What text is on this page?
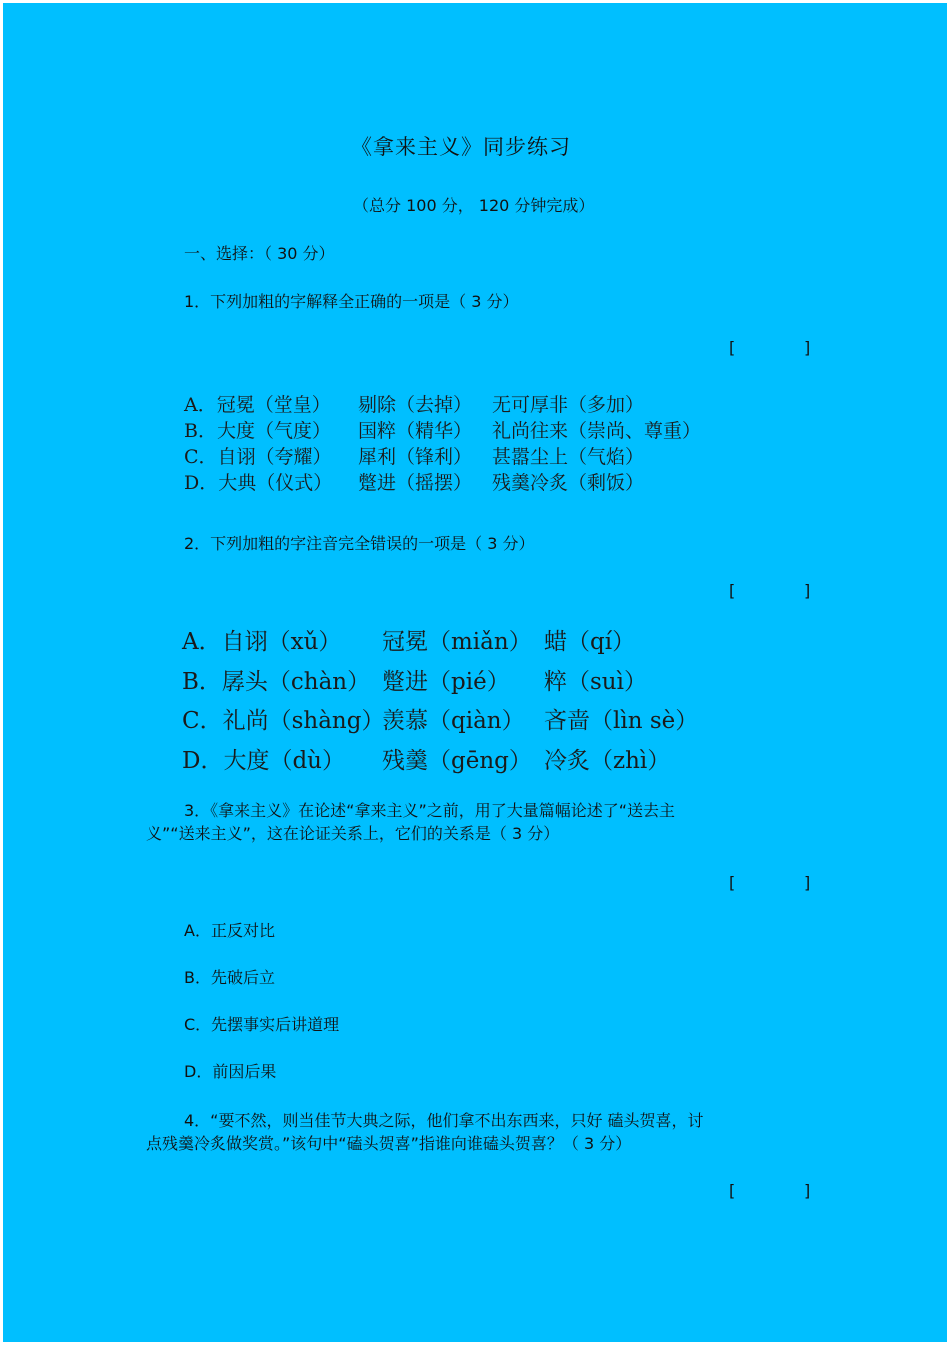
《拿来主义》同步练习
（总分 100 分， 120 分钟完成）
一、选择：（ 30 分）
1．下列加粗的字解释全正确的一项是（ 3 分）
[	]
A．冠冕（堂皇） 剔除（去掉） 无可厚非（多加）
B．大度（气度） 国粹（精华） 礼尚往来（崇尚、尊重）
C．自诩（夸耀） 犀利（锋利） 甚嚣尘上（气焰）
D．大典（仪式） 蹩进（摇摆） 残羹冷炙（剩饭）
2．下列加粗的字注音完全错误的一项是（ 3 分）
[	]
A．自诩（xǔ） 冠冕（miǎn） 蜡（qí）
B．孱头（chàn） 蹩进（pié） 粹（suì）
C．礼尚（shàng）羡慕（qiàn） 吝啬（lìn sè）
D．大度（dù） 残羹（gēng） 冷炙（zhì）
3．《拿来主义》在论述“拿来主义”之前，用了大量篇幅论述了“送去主
义”“送来主义”，这在论证关系上，它们的关系是（ 3 分）
[	]
A．正反对比
B．先破后立
C．先摆事实后讲道理
D．前因后果
4．“要不然，则当佳节大典之际，他们拿不出东西来，只好 磕头贺喜，讨
点残羹冷炙做奖赏。”该句中“磕头贺喜”指谁向谁磕头贺喜？（ 3 分）
[	]
